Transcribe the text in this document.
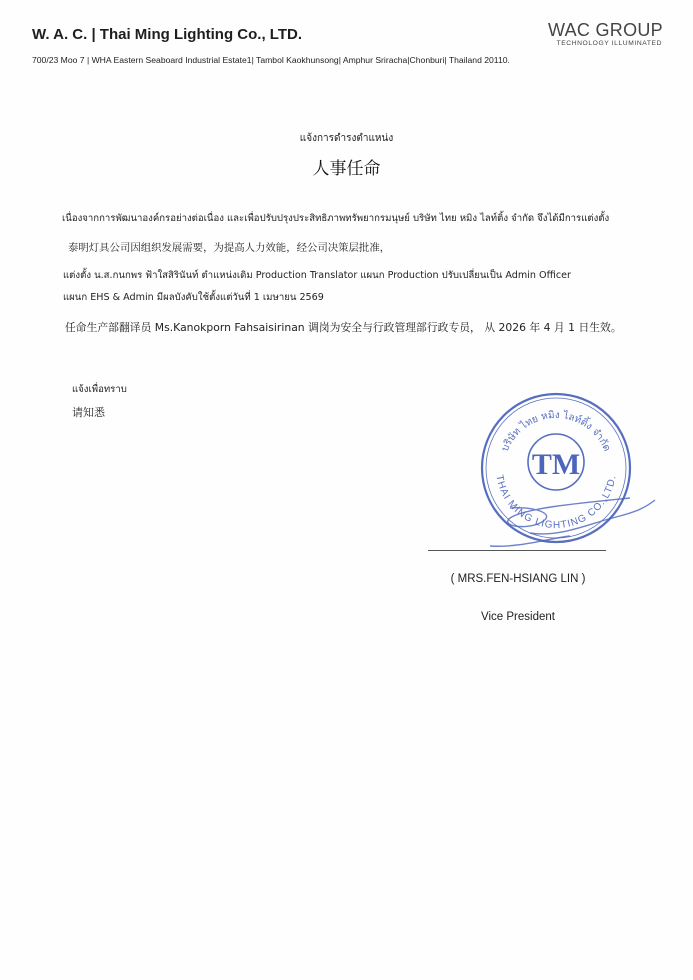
W. A. C. | Thai Ming Lighting Co., LTD.
700/23 Moo 7 | WHA Eastern Seaboard Industrial Estate1| Tambol Kaokhunsong| Amphur Sriracha|Chonburi| Thailand 20110.
WAC GROUP
TECHNOLOGY ILLUMINATED
แจ้งการดำรงตำแหน่ง
人事任命
เนื่องจากการพัฒนาองค์กรอย่างต่อเนื่อง และเพื่อปรับปรุงประสิทธิภาพทรัพยากรมนุษย์ บริษัท ไทย หมิง ไลท์ติ้ง จำกัด จึงได้มีการแต่งตั้ง
泰明灯具公司因组织发展需要，为提高人力效能，经公司决策层批准，
แต่งตั้ง น.ส.กนกพร ฟ้าใสสิรินันท์ ตำแหน่งเดิม Production Translator แผนก Production ปรับเปลี่ยนเป็น Admin Officer
แผนก EHS & Admin มีผลบังคับใช้ตั้งแต่วันที่ 1 เมษายน 2569
任命生产部翻译员 Ms.Kanokporn Fahsaisirinan 调岗为安全与行政管理部行政专员， 从 2026 年 4 月 1 日生效。
แจ้งเพื่อทราบ
请知悉
TM
บริษัท ไทย หมิง ไลท์ติ้ง จำกัด
THAI MING LIGHTING CO.,LTD.
( MRS.FEN-HSIANG LIN )
Vice President
